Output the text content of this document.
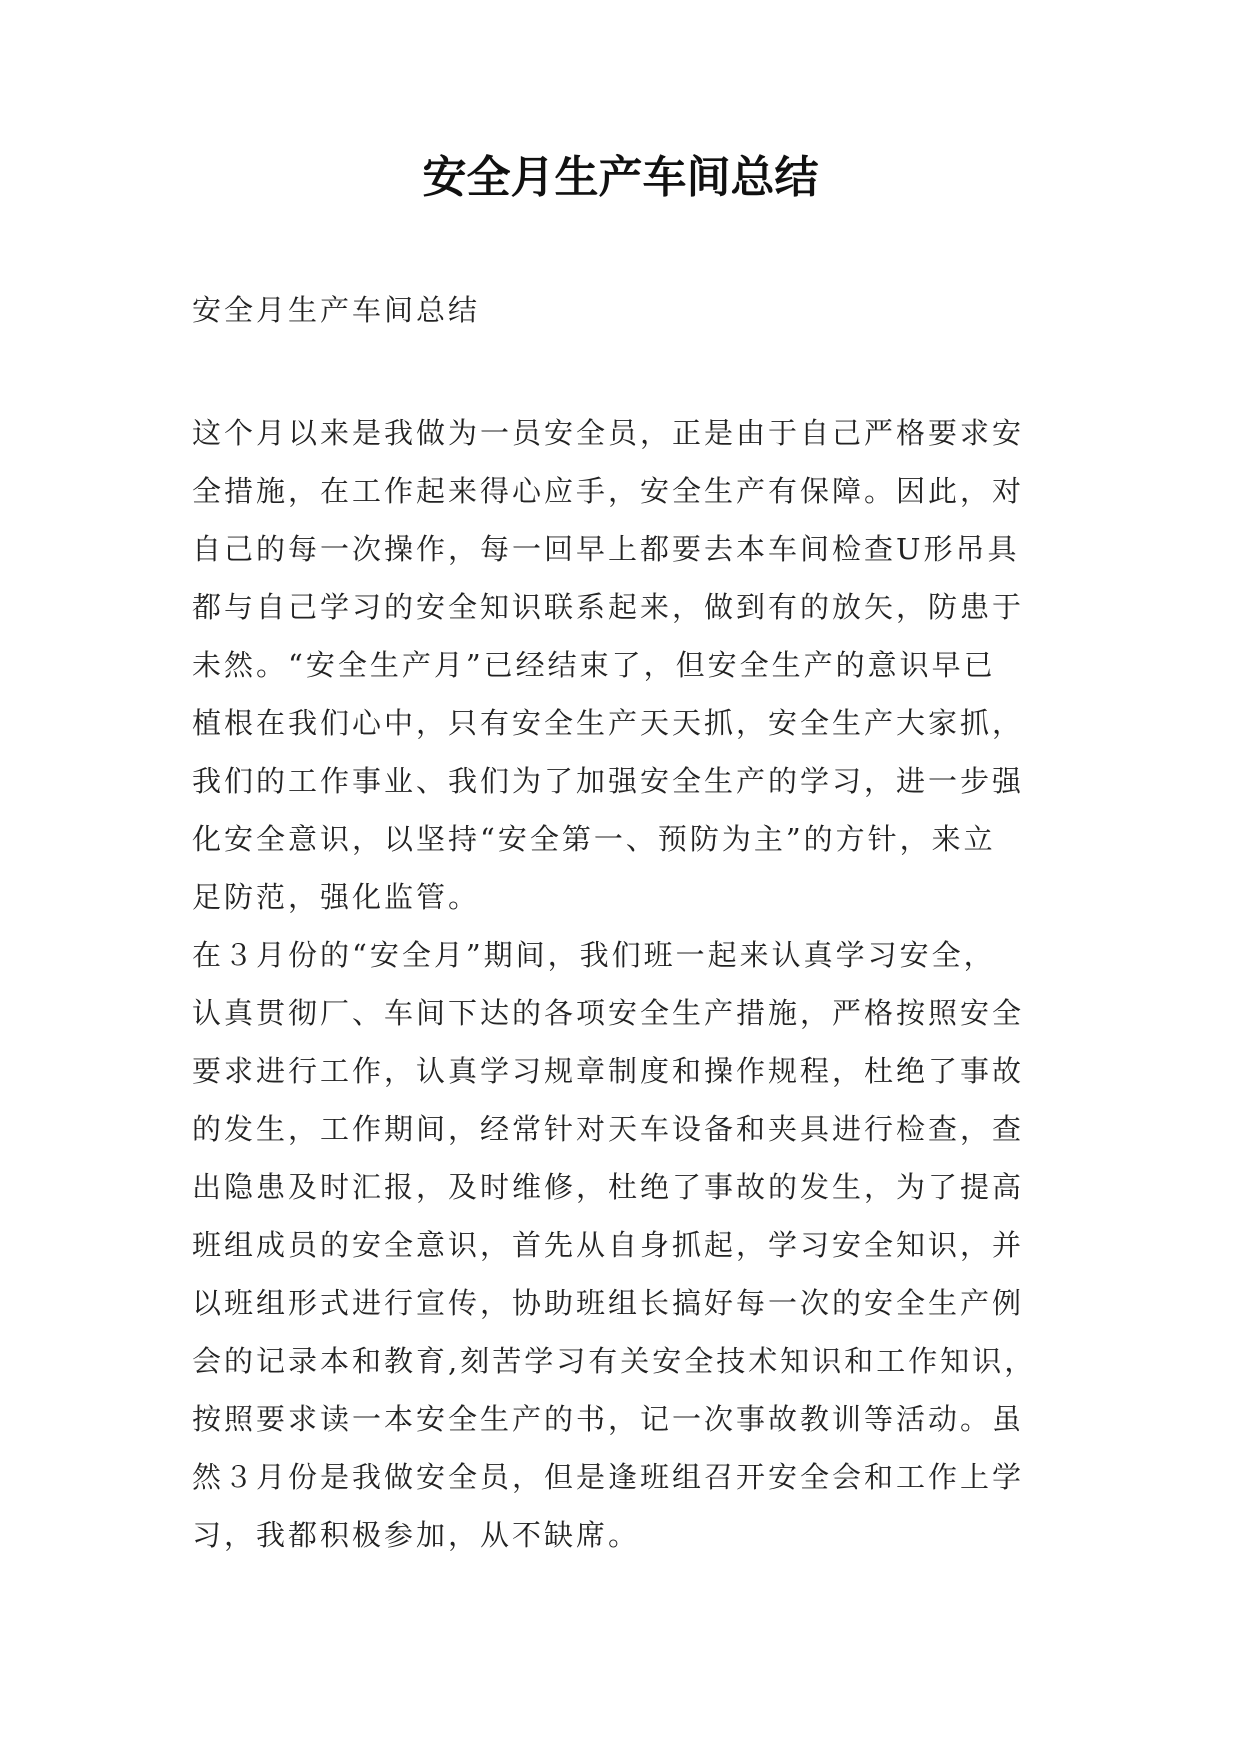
安全月生产车间总结

安全月生产车间总结

这个月以来是我做为一员安全员，正是由于自己严格要求安
全措施，在工作起来得心应手，安全生产有保障。因此，对
自己的每一次操作，每一回早上都要去本车间检查U形吊具
都与自己学习的安全知识联系起来，做到有的放矢，防患于
未然。“安全生产月”已经结束了，但安全生产的意识早已
植根在我们心中，只有安全生产天天抓，安全生产大家抓，
我们的工作事业、我们为了加强安全生产的学习，进一步强
化安全意识，以坚持“安全第一、预防为主”的方针，来立
足防范，强化监管。
在３月份的“安全月”期间，我们班一起来认真学习安全，
认真贯彻厂、车间下达的各项安全生产措施，严格按照安全
要求进行工作，认真学习规章制度和操作规程，杜绝了事故
的发生，工作期间，经常针对天车设备和夹具进行检查，查
出隐患及时汇报，及时维修，杜绝了事故的发生，为了提高
班组成员的安全意识，首先从自身抓起，学习安全知识，并
以班组形式进行宣传，协助班组长搞好每一次的安全生产例
会的记录本和教育,刻苦学习有关安全技术知识和工作知识，
按照要求读一本安全生产的书，记一次事故教训等活动。虽
然３月份是我做安全员，但是逢班组召开安全会和工作上学
习，我都积极参加，从不缺席。
